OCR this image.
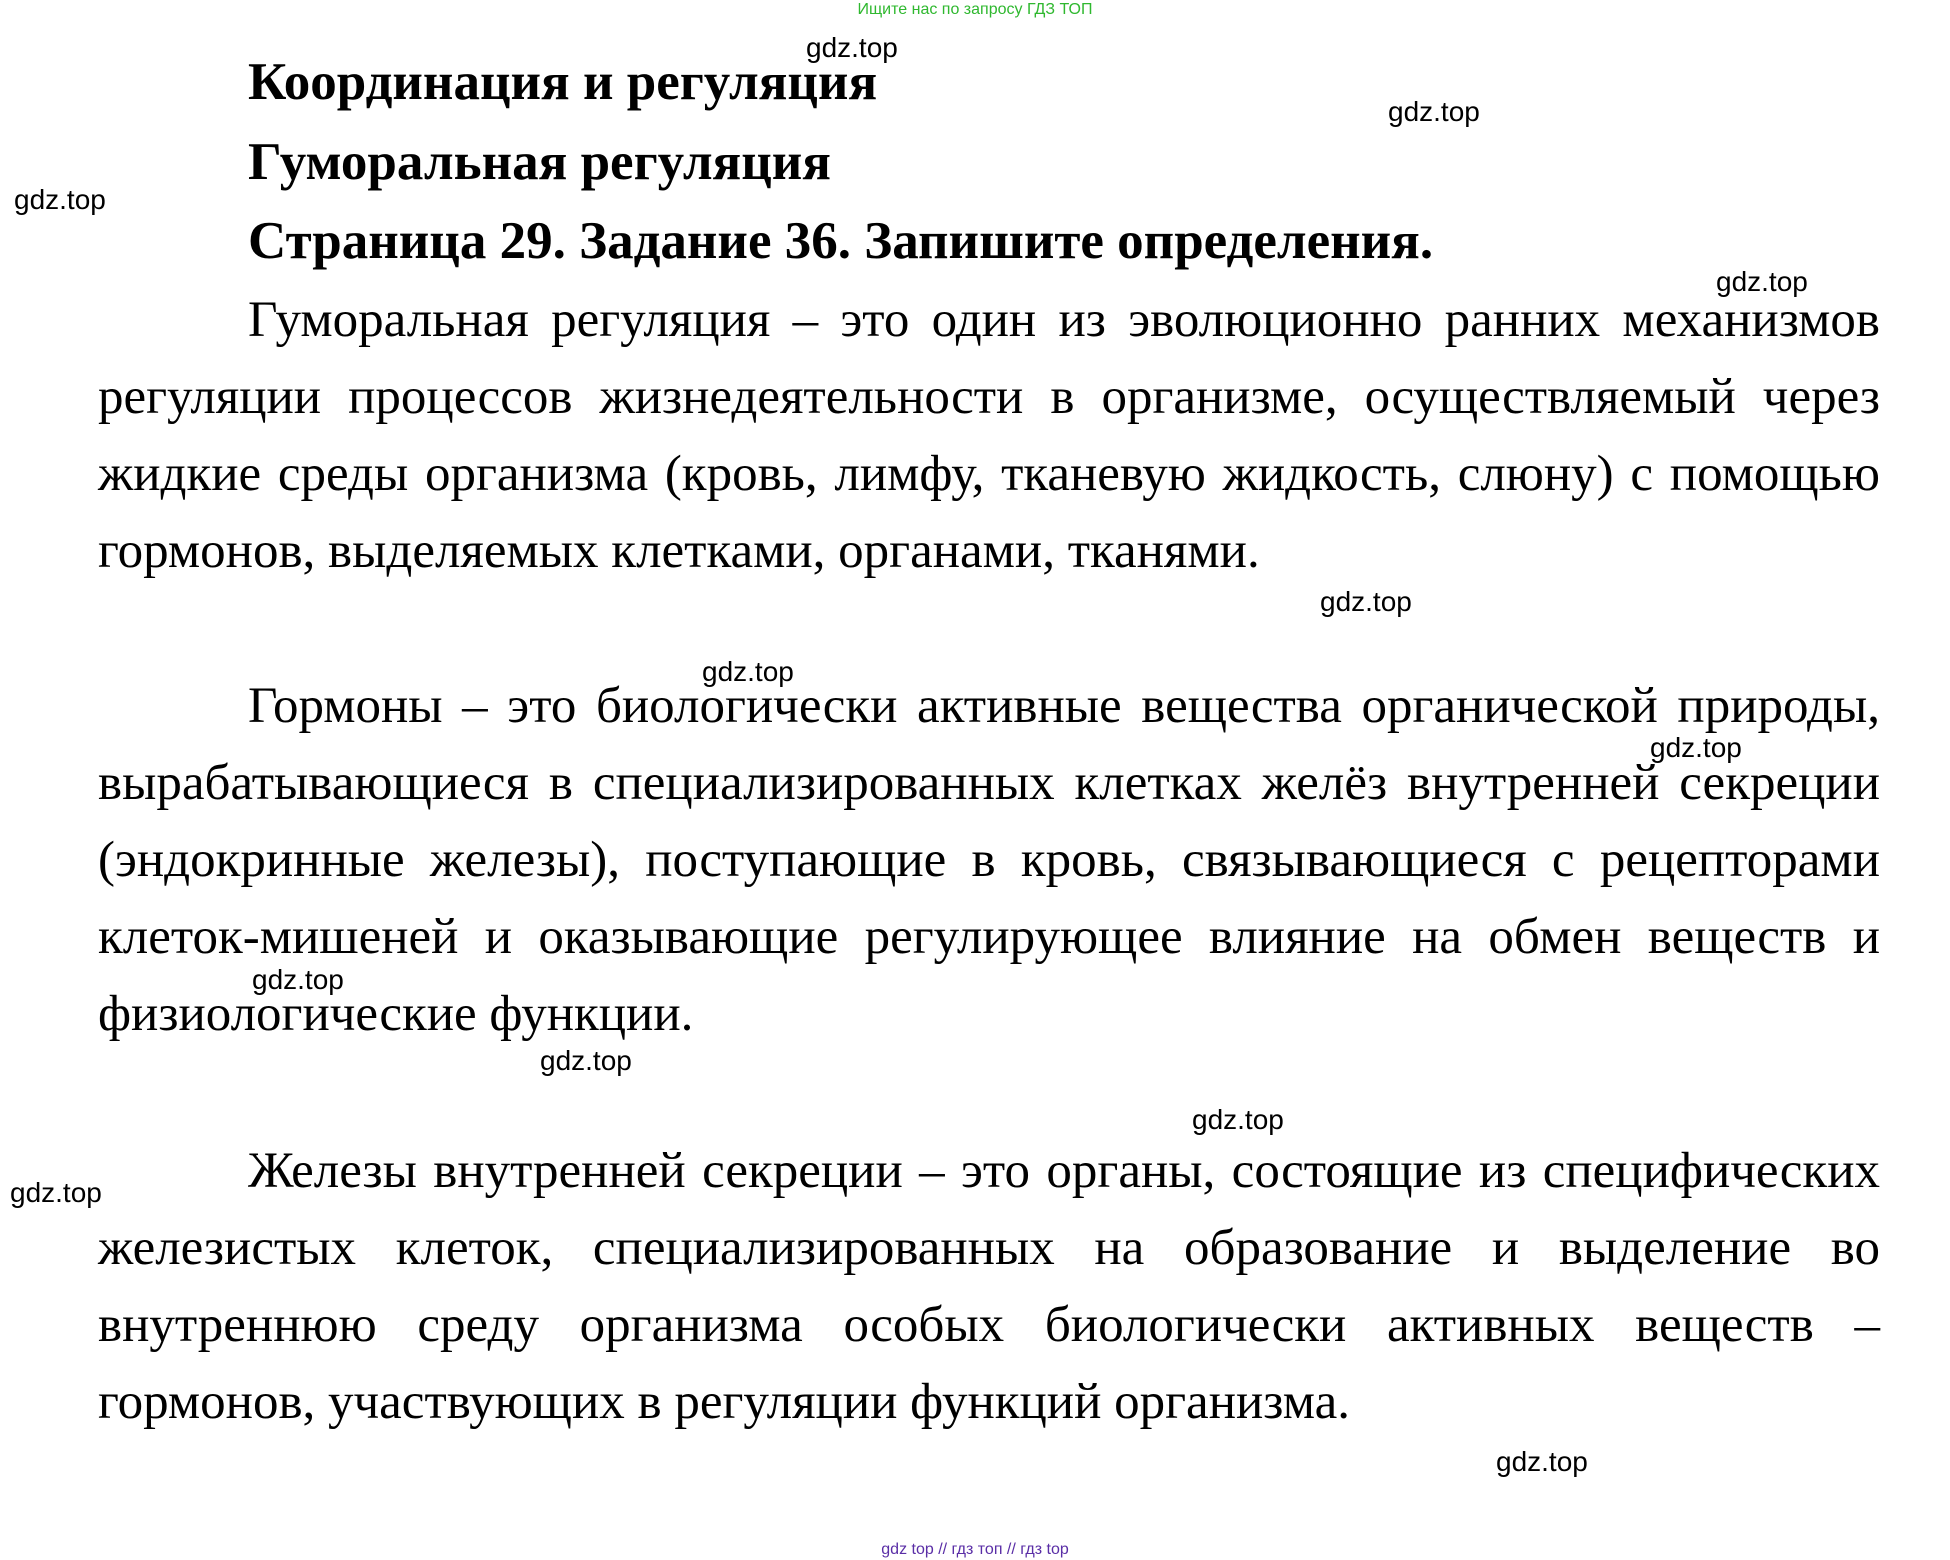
Ищите нас по запросу ГДЗ ТОП
Координация и регуляция
Гуморальная регуляция
Страница 29. Задание 36. Запишите определения.

Гуморальная регуляция – это один из эволюционно ранних механизмов регуляции процессов жизнедеятельности в организме, осуществляемый через жидкие среды организма (кровь, лимфу, тканевую жидкость, слюну) с помощью гормонов, выделяемых клетками, органами, тканями.

Гормоны – это биологически активные вещества органической природы, вырабатывающиеся в специализированных клетках желёз внутренней секреции (эндокринные железы), поступающие в кровь, связывающиеся с рецепторами клеток-мишеней и оказывающие регулирующее влияние на обмен веществ и физиологические функции.

Железы внутренней секреции – это органы, состоящие из специфических железистых клеток, специализированных на образование и выделение во внутреннюю среду организма особых биологически активных веществ – гормонов, участвующих в регуляции функций организма.

gdz.top
gdz.top
gdz.top
gdz.top
gdz.top
gdz.top
gdz.top
gdz.top
gdz.top
gdz.top
gdz.top
gdz.top
gdz top // гдз топ // гдз top
